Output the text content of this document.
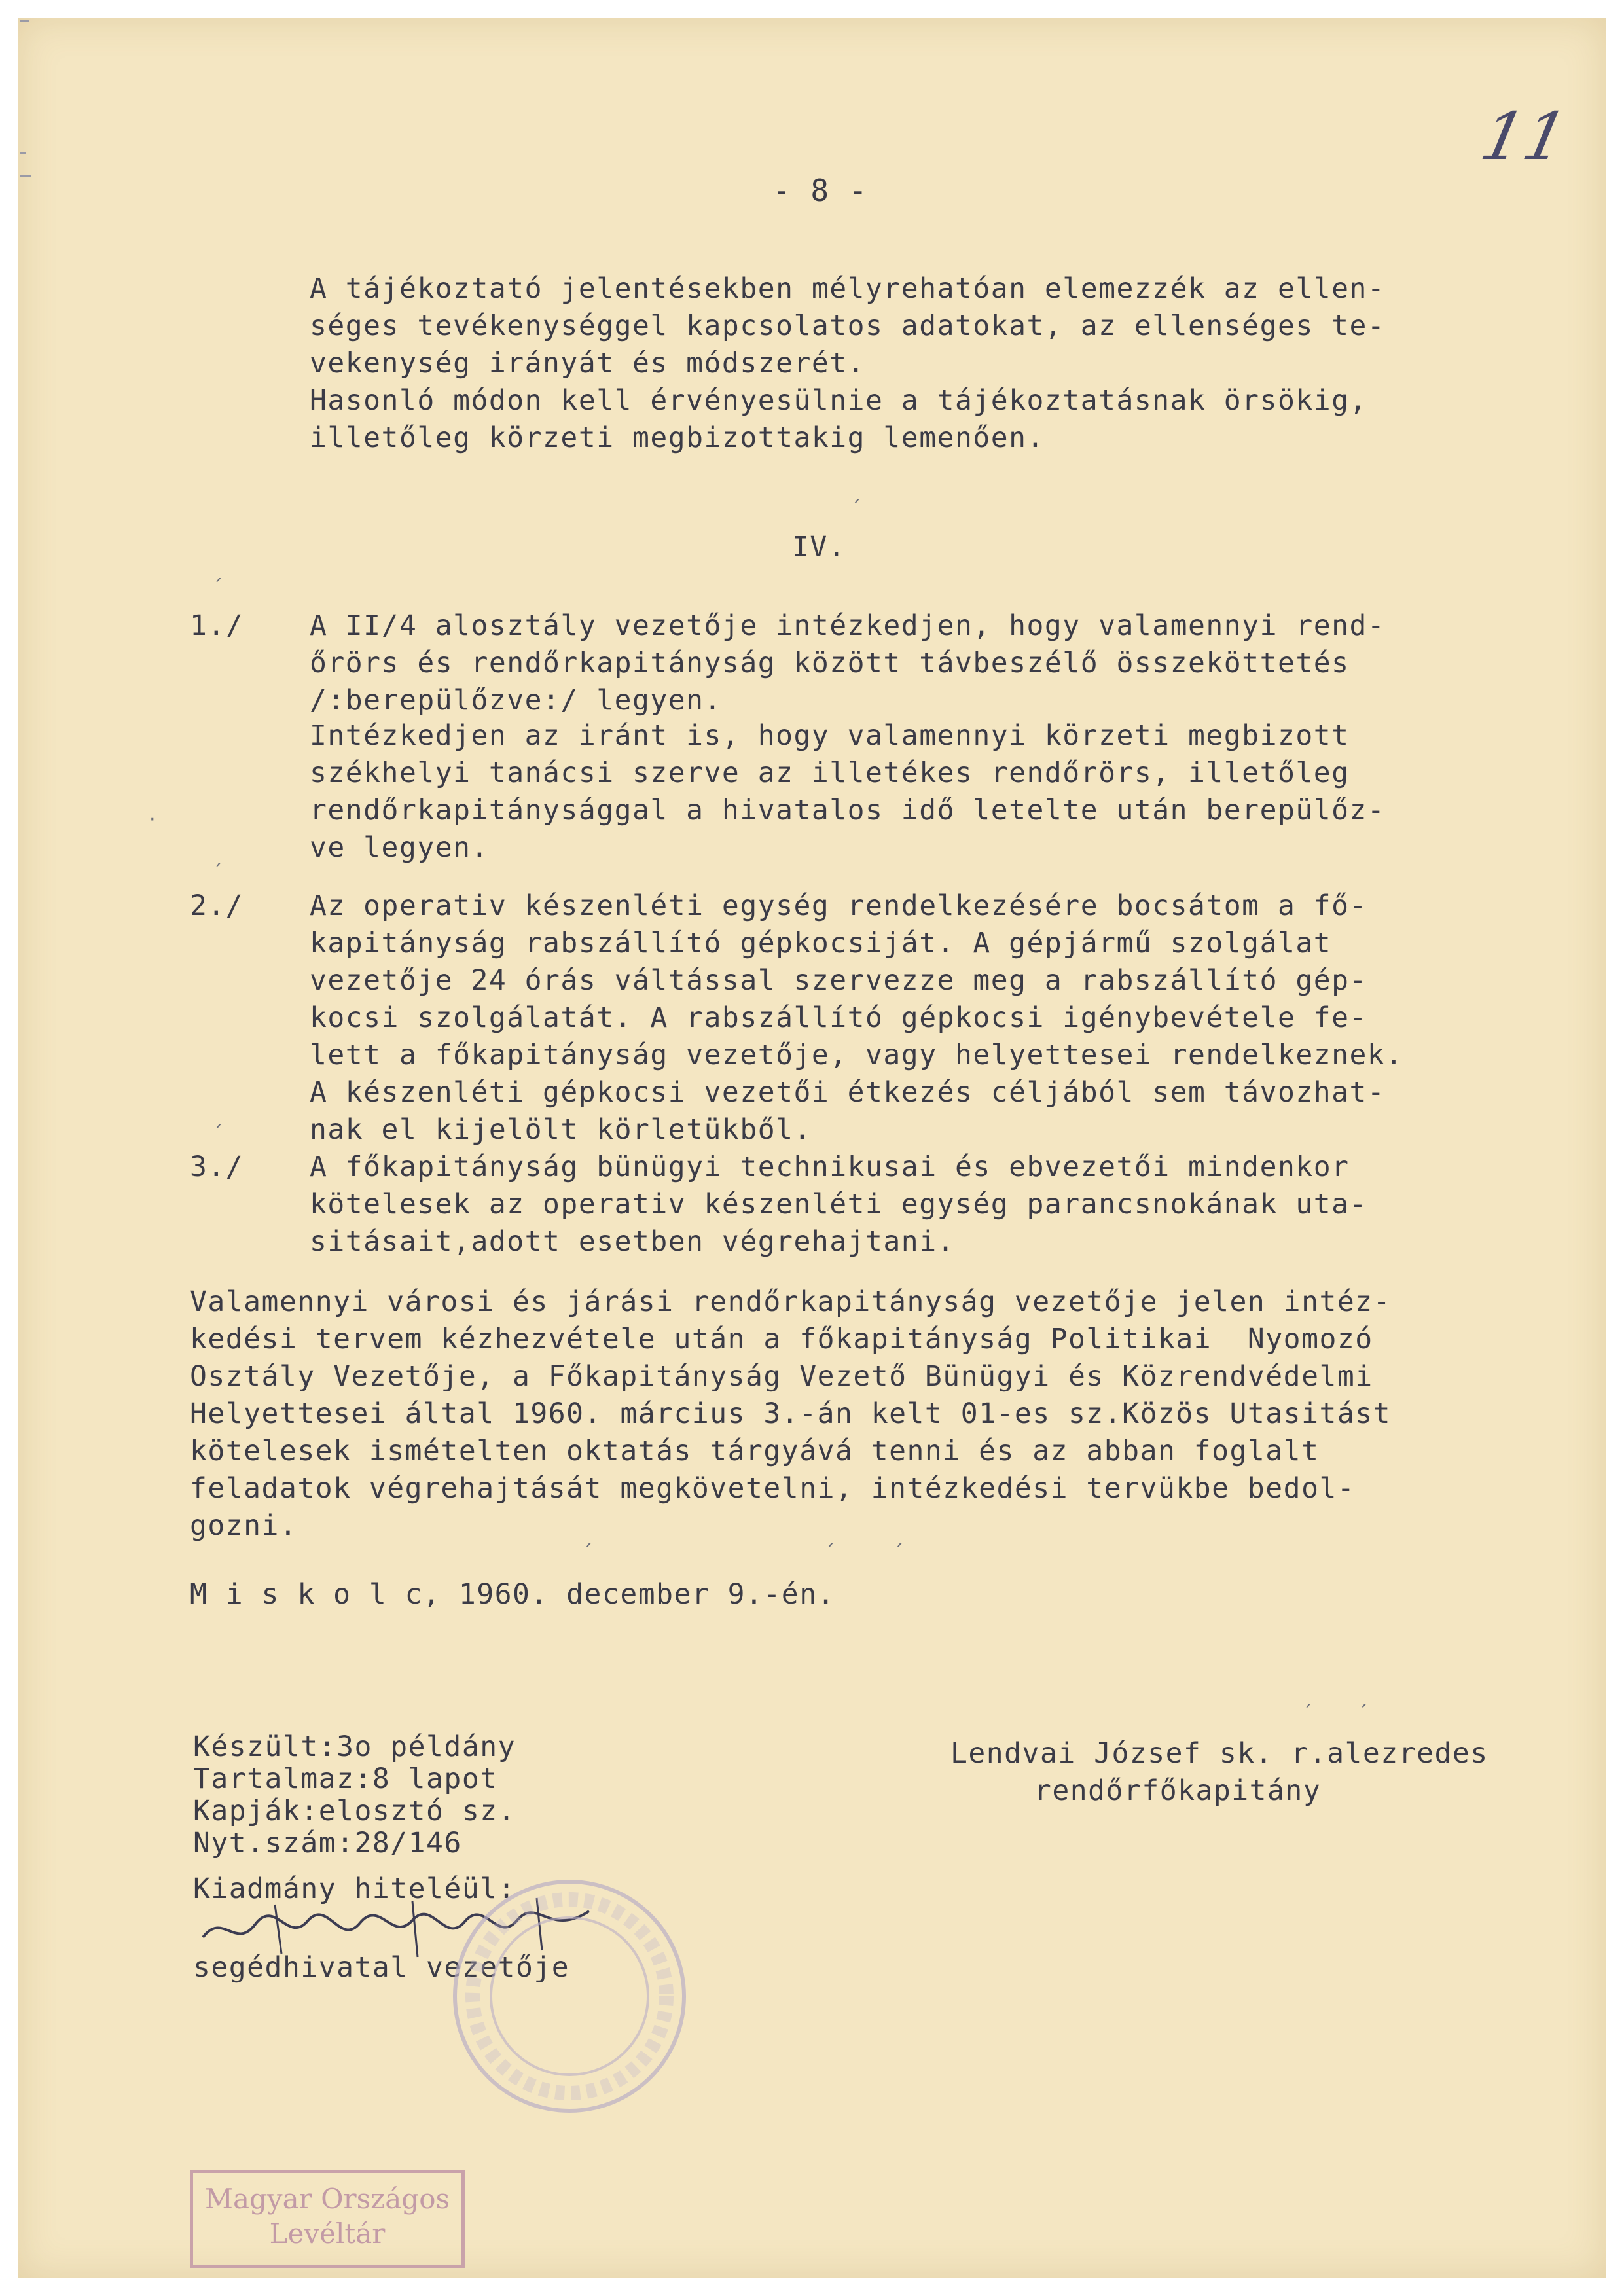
11
- 8 -
A tájékoztató jelentésekben mélyrehatóan elemezzék az ellen-
séges tevékenységgel kapcsolatos adatokat, az ellenséges te-
vekenység irányát és módszerét.
Hasonló módon kell érvényesülnie a tájékoztatásnak örsökig,
illetőleg körzeti megbizottakig lemenően.
IV.
1./ A II/4 alosztály vezetője intézkedjen, hogy valamennyi rend-
őrörs és rendőrkapitányság között távbeszélő összeköttetés
/:berepülőzve:/ legyen.
Intézkedjen az iránt is, hogy valamennyi körzeti megbizott
székhelyi tanácsi szerve az illetékes rendőrörs, illetőleg
rendőrkapitánysággal a hivatalos idő letelte után berepülőz-
ve legyen.
2./ Az operativ készenléti egység rendelkezésére bocsátom a fő-
kapitányság rabszállító gépkocsiját. A gépjármű szolgálat
vezetője 24 órás váltással szervezze meg a rabszállító gép-
kocsi szolgálatát. A rabszállító gépkocsi igénybevétele fe-
lett a főkapitányság vezetője, vagy helyettesei rendelkeznek.
A készenléti gépkocsi vezetői étkezés céljából sem távozhat-
nak el kijelölt körletükből.
3./ A főkapitányság bünügyi technikusai és ebvezetői mindenkor
kötelesek az operativ készenléti egység parancsnokának uta-
sitásait,adott esetben végrehajtani.
Valamennyi városi és járási rendőrkapitányság vezetője jelen intéz-
kedési tervem kézhezvétele után a főkapitányság Politikai  Nyomozó
Osztály Vezetője, a Főkapitányság Vezető Bünügyi és Közrendvédelmi
Helyettesei által 1960. március 3.-án kelt 01-es sz.Közös Utasitást
kötelesek ismételten oktatás tárgyává tenni és az abban foglalt
feladatok végrehajtását megkövetelni, intézkedési tervükbe bedol-
gozni.
M i s k o l c, 1960. december 9.-én.
Készült:3o példány
Tartalmaz:8 lapot
Kapják:elosztó sz.
Nyt.szám:28/146
Kiadmány hiteléül:
segédhivatal vezetője
Lendvai József sk. r.alezredes
rendőrfőkapitány
Magyar Országos
Levéltár
´
´
´
´
´	´	´
´ ´
·
